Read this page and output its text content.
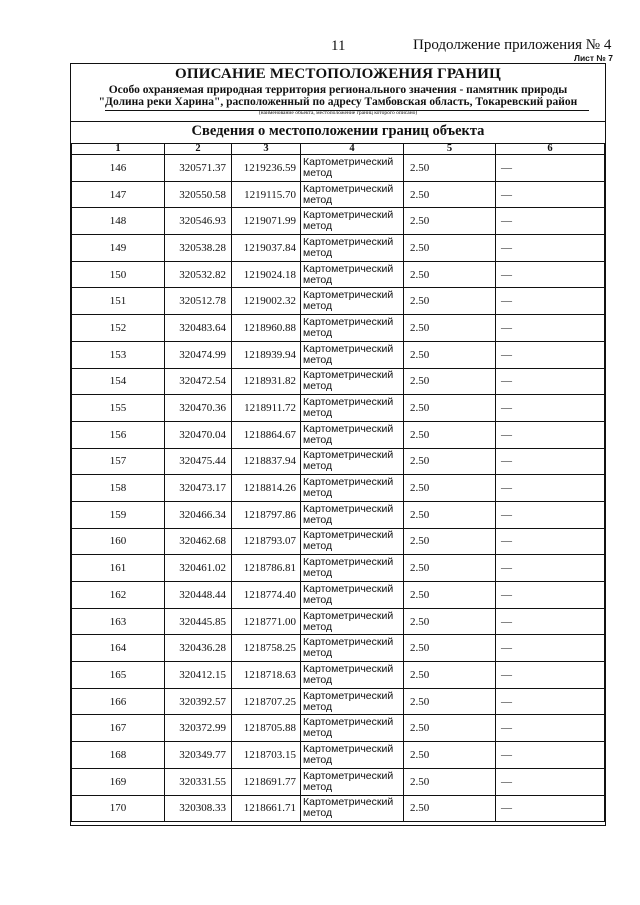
11	Продолжение приложения № 4
Лист № 7
ОПИСАНИЕ МЕСТОПОЛОЖЕНИЯ ГРАНИЦ
Особо охраняемая природная территория регионального значения - памятник природы
"Долина реки Харина", расположенный по адресу Тамбовская область, Токаревский район
(наименование объекта, местоположение границ которого описано)
Сведения о местоположении границ объекта
1	2	3	4	5	6
146	320571.37	1219236.59	Картометрический метод	2.50	—
147	320550.58	1219115.70	Картометрический метод	2.50	—
148	320546.93	1219071.99	Картометрический метод	2.50	—
149	320538.28	1219037.84	Картометрический метод	2.50	—
150	320532.82	1219024.18	Картометрический метод	2.50	—
151	320512.78	1219002.32	Картометрический метод	2.50	—
152	320483.64	1218960.88	Картометрический метод	2.50	—
153	320474.99	1218939.94	Картометрический метод	2.50	—
154	320472.54	1218931.82	Картометрический метод	2.50	—
155	320470.36	1218911.72	Картометрический метод	2.50	—
156	320470.04	1218864.67	Картометрический метод	2.50	—
157	320475.44	1218837.94	Картометрический метод	2.50	—
158	320473.17	1218814.26	Картометрический метод	2.50	—
159	320466.34	1218797.86	Картометрический метод	2.50	—
160	320462.68	1218793.07	Картометрический метод	2.50	—
161	320461.02	1218786.81	Картометрический метод	2.50	—
162	320448.44	1218774.40	Картометрический метод	2.50	—
163	320445.85	1218771.00	Картометрический метод	2.50	—
164	320436.28	1218758.25	Картометрический метод	2.50	—
165	320412.15	1218718.63	Картометрический метод	2.50	—
166	320392.57	1218707.25	Картометрический метод	2.50	—
167	320372.99	1218705.88	Картометрический метод	2.50	—
168	320349.77	1218703.15	Картометрический метод	2.50	—
169	320331.55	1218691.77	Картометрический метод	2.50	—
170	320308.33	1218661.71	Картометрический метод	2.50	—
